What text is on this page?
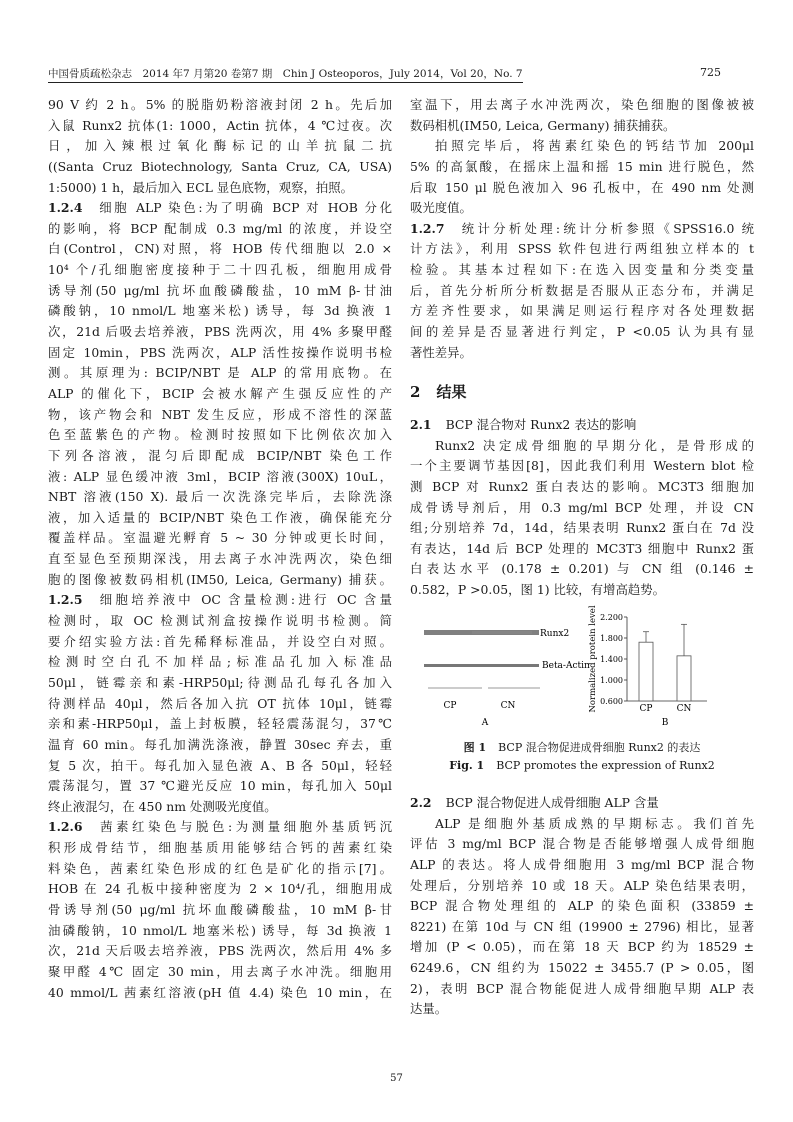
中国骨质疏松杂志　2014 年7 月第20 卷第7 期　Chin J Osteoporos，July 2014，Vol 20，No. 7	725
90 V 约 2 h。5% 的脱脂奶粉溶液封闭 2 h。先后加
入鼠 Runx2 抗体(1: 1000，Actin 抗体，4 ℃过夜。次
日，加入辣根过氧化酶标记的山羊抗鼠二抗
((Santa Cruz Biotechnology, Santa Cruz, CA, USA)
1:5000) 1 h，最后加入 ECL 显色底物，观察，拍照。
1.2.4 细胞 ALP 染色:为了明确 BCP 对 HOB 分化
的影响，将 BCP 配制成 0.3 mg/ml 的浓度，并设空
白(Control，CN)对照，将 HOB 传代细胞以 2.0 ×
10⁴ 个/孔细胞密度接种于二十四孔板，细胞用成骨
诱导剂(50 μg/ml 抗坏血酸磷酸盐，10 mM β-甘油
磷酸钠，10 nmol/L 地塞米松) 诱导，每 3d 换液 1
次，21d 后吸去培养液，PBS 洗两次，用 4% 多聚甲醛
固定 10min，PBS 洗两次，ALP 活性按操作说明书检
测。其原理为: BCIP/NBT 是 ALP 的常用底物。在
ALP 的催化下，BCIP 会被水解产生强反应性的产
物，该产物会和 NBT 发生反应，形成不溶性的深蓝
色至蓝紫色的产物。检测时按照如下比例依次加入
下列各溶液，混匀后即配成 BCIP/NBT 染色工作
液: ALP 显色缓冲液 3ml，BCIP 溶液(300X) 10uL，
NBT 溶液(150 X). 最后一次洗涤完毕后，去除洗涤
液，加入适量的 BCIP/NBT 染色工作液，确保能充分
覆盖样品。室温避光孵育 5 ~ 30 分钟或更长时间，
直至显色至预期深浅，用去离子水冲洗两次，染色细
胞的图像被数码相机(IM50, Leica, Germany) 捕获。
1.2.5 细胞培养液中 OC 含量检测:进行 OC 含量
检测时，取 OC 检测试剂盒按操作说明书检测。简
要介绍实验方法:首先稀释标准品，并设空白对照。
检测时空白孔不加样品;标准品孔加入标准品
50μl，链霉亲和素-HRP50μl;待测品孔每孔各加入
待测样品 40μl，然后各加入抗 OT 抗体 10μl，链霉
亲和素-HRP50μl，盖上封板膜，轻轻震荡混匀，37℃
温育 60 min。每孔加满洗涤液，静置 30sec 弃去，重
复 5 次，拍干。每孔加入显色液 A、B 各 50μl，轻轻
震荡混匀，置 37 ℃避光反应 10 min，每孔加入 50μl
终止液混匀，在 450 nm 处测吸光度值。
1.2.6 茜素红染色与脱色:为测量细胞外基质钙沉
积形成骨结节，细胞基质用能够结合钙的茜素红染
料染色，茜素红染色形成的红色是矿化的指示[7]。
HOB 在 24 孔板中接种密度为 2 × 10⁴/孔，细胞用成
骨诱导剂(50 μg/ml 抗坏血酸磷酸盐，10 mM β-甘
油磷酸钠，10 nmol/L 地塞米松) 诱导，每 3d 换液 1
次，21d 天后吸去培养液，PBS 洗两次，然后用 4% 多
聚甲醛 4℃ 固定 30 min，用去离子水冲洗。细胞用
40 mmol/L 茜素红溶液(pH 值 4.4) 染色 10 min，在
室温下，用去离子水冲洗两次，染色细胞的图像被被
数码相机(IM50, Leica, Germany) 捕获捕获。
拍照完毕后，将茜素红染色的钙结节加 200μl
5% 的高氯酸，在摇床上温和摇 15 min 进行脱色，然
后取 150 μl 脱色液加入 96 孔板中，在 490 nm 处测
吸光度值。
1.2.7 统计分析处理:统计分析参照《SPSS16.0 统
计方法》，利用 SPSS 软件包进行两组独立样本的 t
检验。其基本过程如下:在选入因变量和分类变量
后，首先分析所分析数据是否服从正态分布，并满足
方差齐性要求，如果满足则运行程序对各处理数据
间的差异是否显著进行判定，P <0.05 认为具有显
著性差异。
2 结果
2.1 BCP 混合物对 Runx2 表达的影响
Runx2 决定成骨细胞的早期分化，是骨形成的
一个主要调节基因[8]，因此我们利用 Western blot 检
测 BCP 对 Runx2 蛋白表达的影响。MC3T3 细胞加
成骨诱导剂后，用 0.3 mg/ml BCP 处理，并设 CN
组;分别培养 7d，14d，结果表明 Runx2 蛋白在 7d 没
有表达，14d 后 BCP 处理的 MC3T3 细胞中 Runx2 蛋
白表达水平 (0.178 ± 0.201) 与 CN 组 (0.146 ±
0.582，P >0.05，图 1) 比较，有增高趋势。
Runx2
Beta-Actin
CP	CN
A
Normalized protein level
B
0.600
1.000
1.400
1.800
2.200
CP	CN
图 1 BCP 混合物促进成骨细胞 Runx2 的表达
Fig. 1 BCP promotes the expression of Runx2
2.2 BCP 混合物促进人成骨细胞 ALP 含量
ALP 是细胞外基质成熟的早期标志。我们首先
评估 3 mg/ml BCP 混合物是否能够增强人成骨细胞
ALP 的表达。将人成骨细胞用 3 mg/ml BCP 混合物
处理后，分别培养 10 或 18 天。ALP 染色结果表明，
BCP 混合物处理组的 ALP 的染色面积 (33859 ±
8221) 在第 10d 与 CN 组 (19900 ± 2796) 相比，显著
增加 (P < 0.05)，而在第 18 天 BCP 约为 18529 ±
6249.6，CN 组约为 15022 ± 3455.7 (P > 0.05，图
2)，表明 BCP 混合物能促进人成骨细胞早期 ALP 表
达量。
57
